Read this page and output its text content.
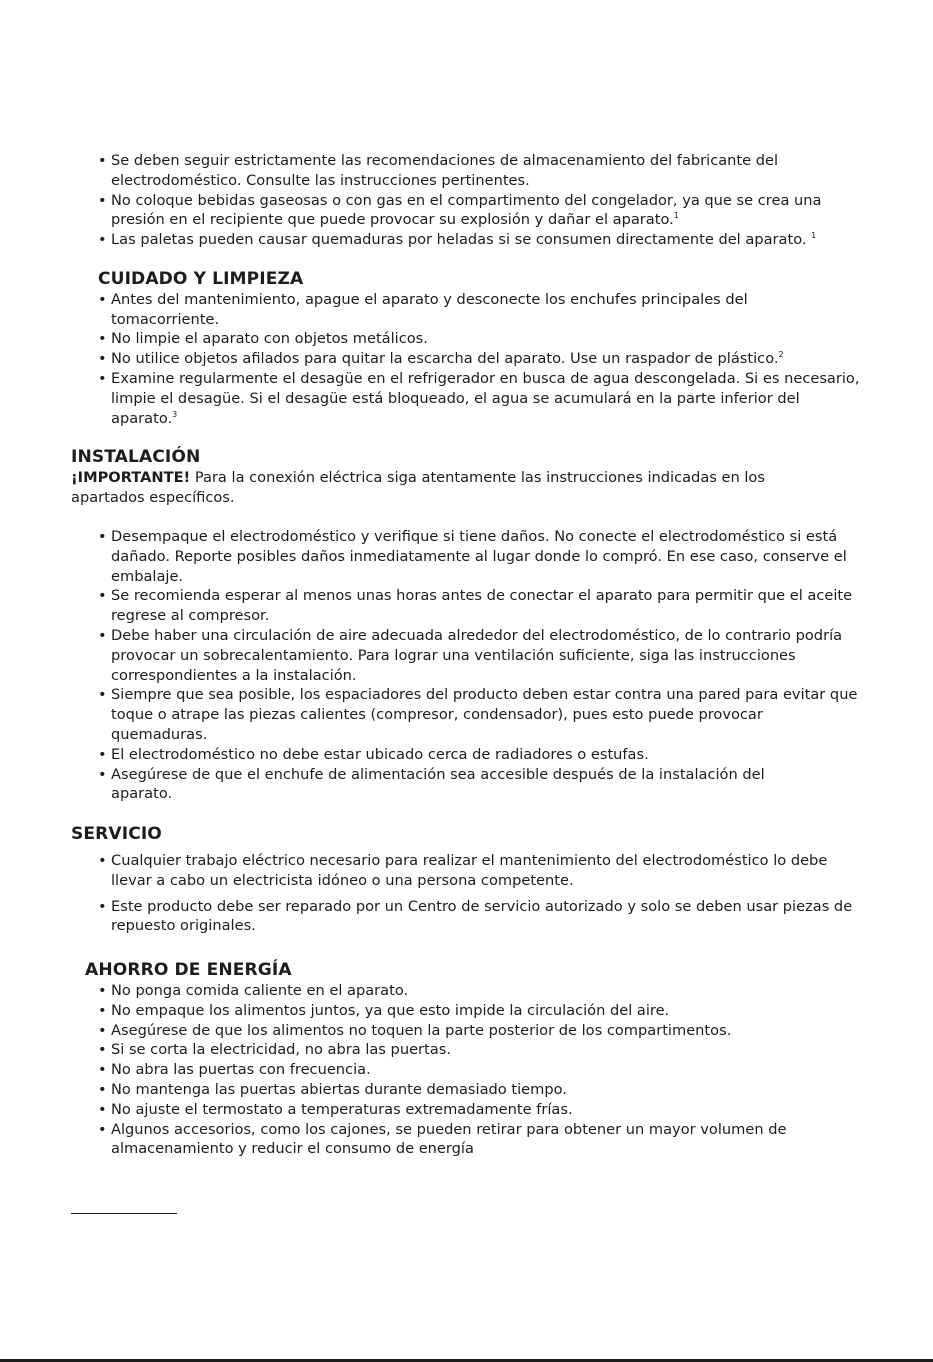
• Se deben seguir estrictamente las recomendaciones de almacenamiento del fabricante del electrodoméstico. Consulte las instrucciones pertinentes.
• No coloque bebidas gaseosas o con gas en el compartimento del congelador, ya que se crea una presión en el recipiente que puede provocar su explosión y dañar el aparato.$^1$
• Las paletas pueden causar quemaduras por heladas si se consumen directamente del aparato. $^1$
CUIDADO Y LIMPIEZA
• Antes del mantenimiento, apague el aparato y desconecte los enchufes principales del tomacorriente.
• No limpie el aparato con objetos metálicos.
• No utilice objetos afilados para quitar la escarcha del aparato. Use un raspador de plástico.$^2$
• Examine regularmente el desagüe en el refrigerador en busca de agua descongelada. Si es necesario, limpie el desagüe. Si el desagüe está bloqueado, el agua se acumulará en la parte inferior del aparato.$^3$
INSTALACIÓN

¡IMPORTANTE! Para la conexión eléctrica siga atentamente las instrucciones indicadas en los apartados específicos.

• Desempaque el electrodoméstico y verifique si tiene daños. No conecte el electrodoméstico si está dañado. Reporte posibles daños inmediatamente al lugar donde lo compró. En ese caso, conserve el embalaje.
• Se recomienda esperar al menos unas horas antes de conectar el aparato para permitir que el aceite regrese al compresor.
• Debe haber una circulación de aire adecuada alrededor del electrodoméstico, de lo contrario podría provocar un sobrecalentamiento. Para lograr una ventilación suficiente, siga las instrucciones correspondientes a la instalación.
• Siempre que sea posible, los espaciadores del producto deben estar contra una pared para evitar que toque o atrape las piezas calientes (compresor, condensador), pues esto puede provocar quemaduras.
• El electrodoméstico no debe estar ubicado cerca de radiadores o estufas.
• Asegúrese de que el enchufe de alimentación sea accesible después de la instalación del aparato.
SERVICIO
• Cualquier trabajo eléctrico necesario para realizar el mantenimiento del electrodoméstico lo debe llevar a cabo un electricista idóneo o una persona competente.
• Este producto debe ser reparado por un Centro de servicio autorizado y solo se deben usar piezas de repuesto originales.
AHORRO DE ENERGÍA
• No ponga comida caliente en el aparato.
• No empaque los alimentos juntos, ya que esto impide la circulación del aire.
• Asegúrese de que los alimentos no toquen la parte posterior de los compartimentos.
• Si se corta la electricidad, no abra las puertas.
• No abra las puertas con frecuencia.
• No mantenga las puertas abiertas durante demasiado tiempo.
• No ajuste el termostato a temperaturas extremadamente frías.
• Algunos accesorios, como los cajones, se pueden retirar para obtener un mayor volumen de almacenamiento y reducir el consumo de energía
